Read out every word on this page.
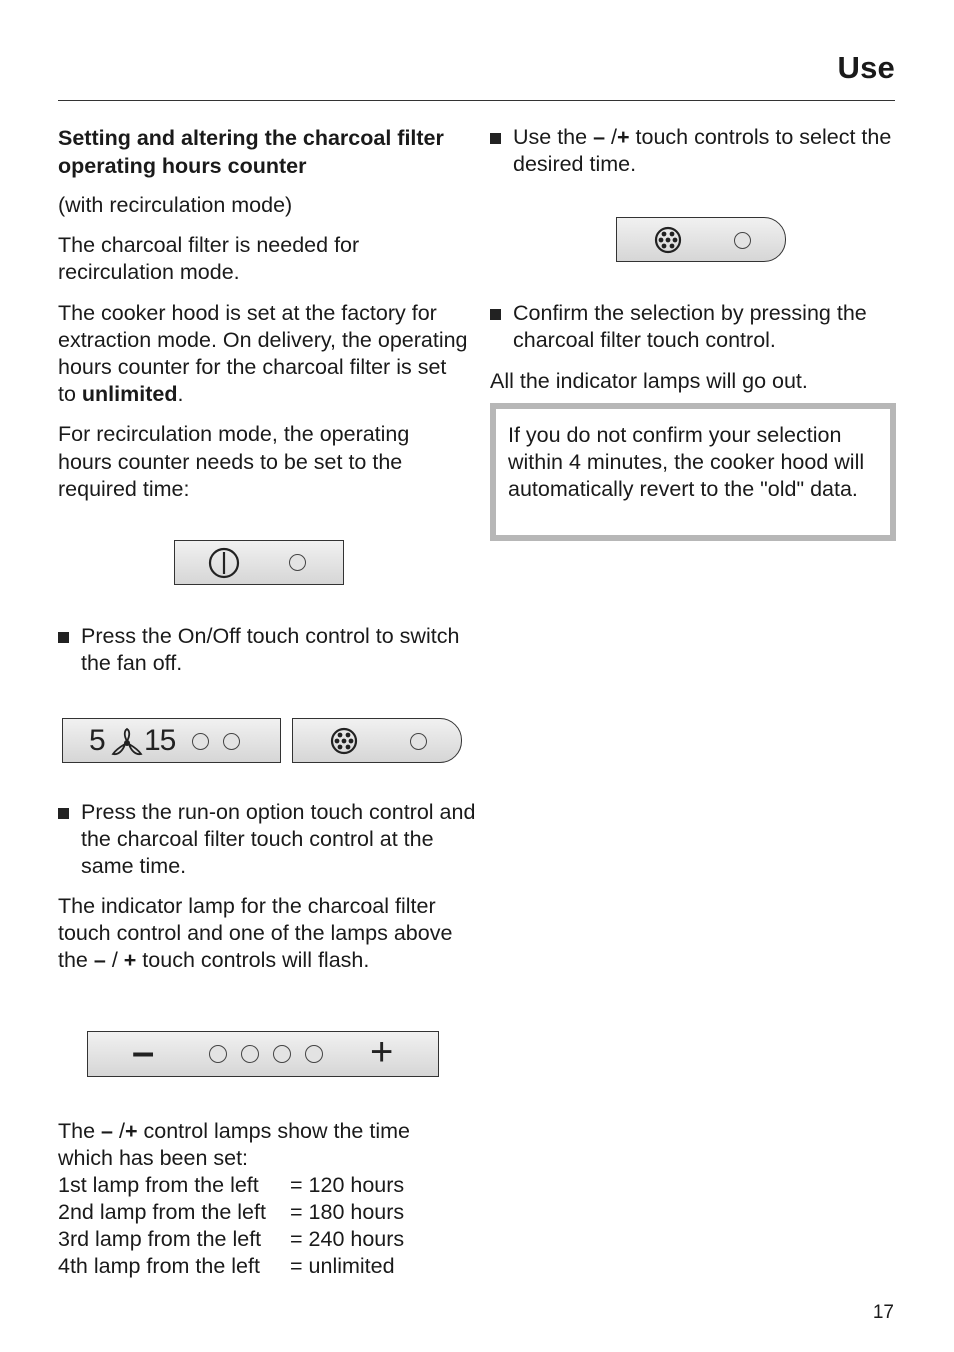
Use
Setting and altering the charcoal filter operating hours counter
(with recirculation mode)
The charcoal filter is needed for recirculation mode.
The cooker hood is set at the factory for extraction mode. On delivery, the operating hours counter for the charcoal filter is set to unlimited.
For recirculation mode, the operating hours counter needs to be set to the required time:
Press the On/Off touch control to switch the fan off.
5 15
Press the run-on option touch control and the charcoal filter touch control at the same time.
The indicator lamp for the charcoal filter touch control and one of the lamps above the – / + touch controls will flash.
–	+
The – /+ control lamps show the time which has been set:
1st lamp from the left	= 120 hours
2nd lamp from the left	= 180 hours
3rd lamp from the left	= 240 hours
4th lamp from the left	= unlimited
Use the – /+ touch controls to select the desired time.
Confirm the selection by pressing the charcoal filter touch control.
All the indicator lamps will go out.
If you do not confirm your selection within 4 minutes, the cooker hood will automatically revert to the "old" data.
17
